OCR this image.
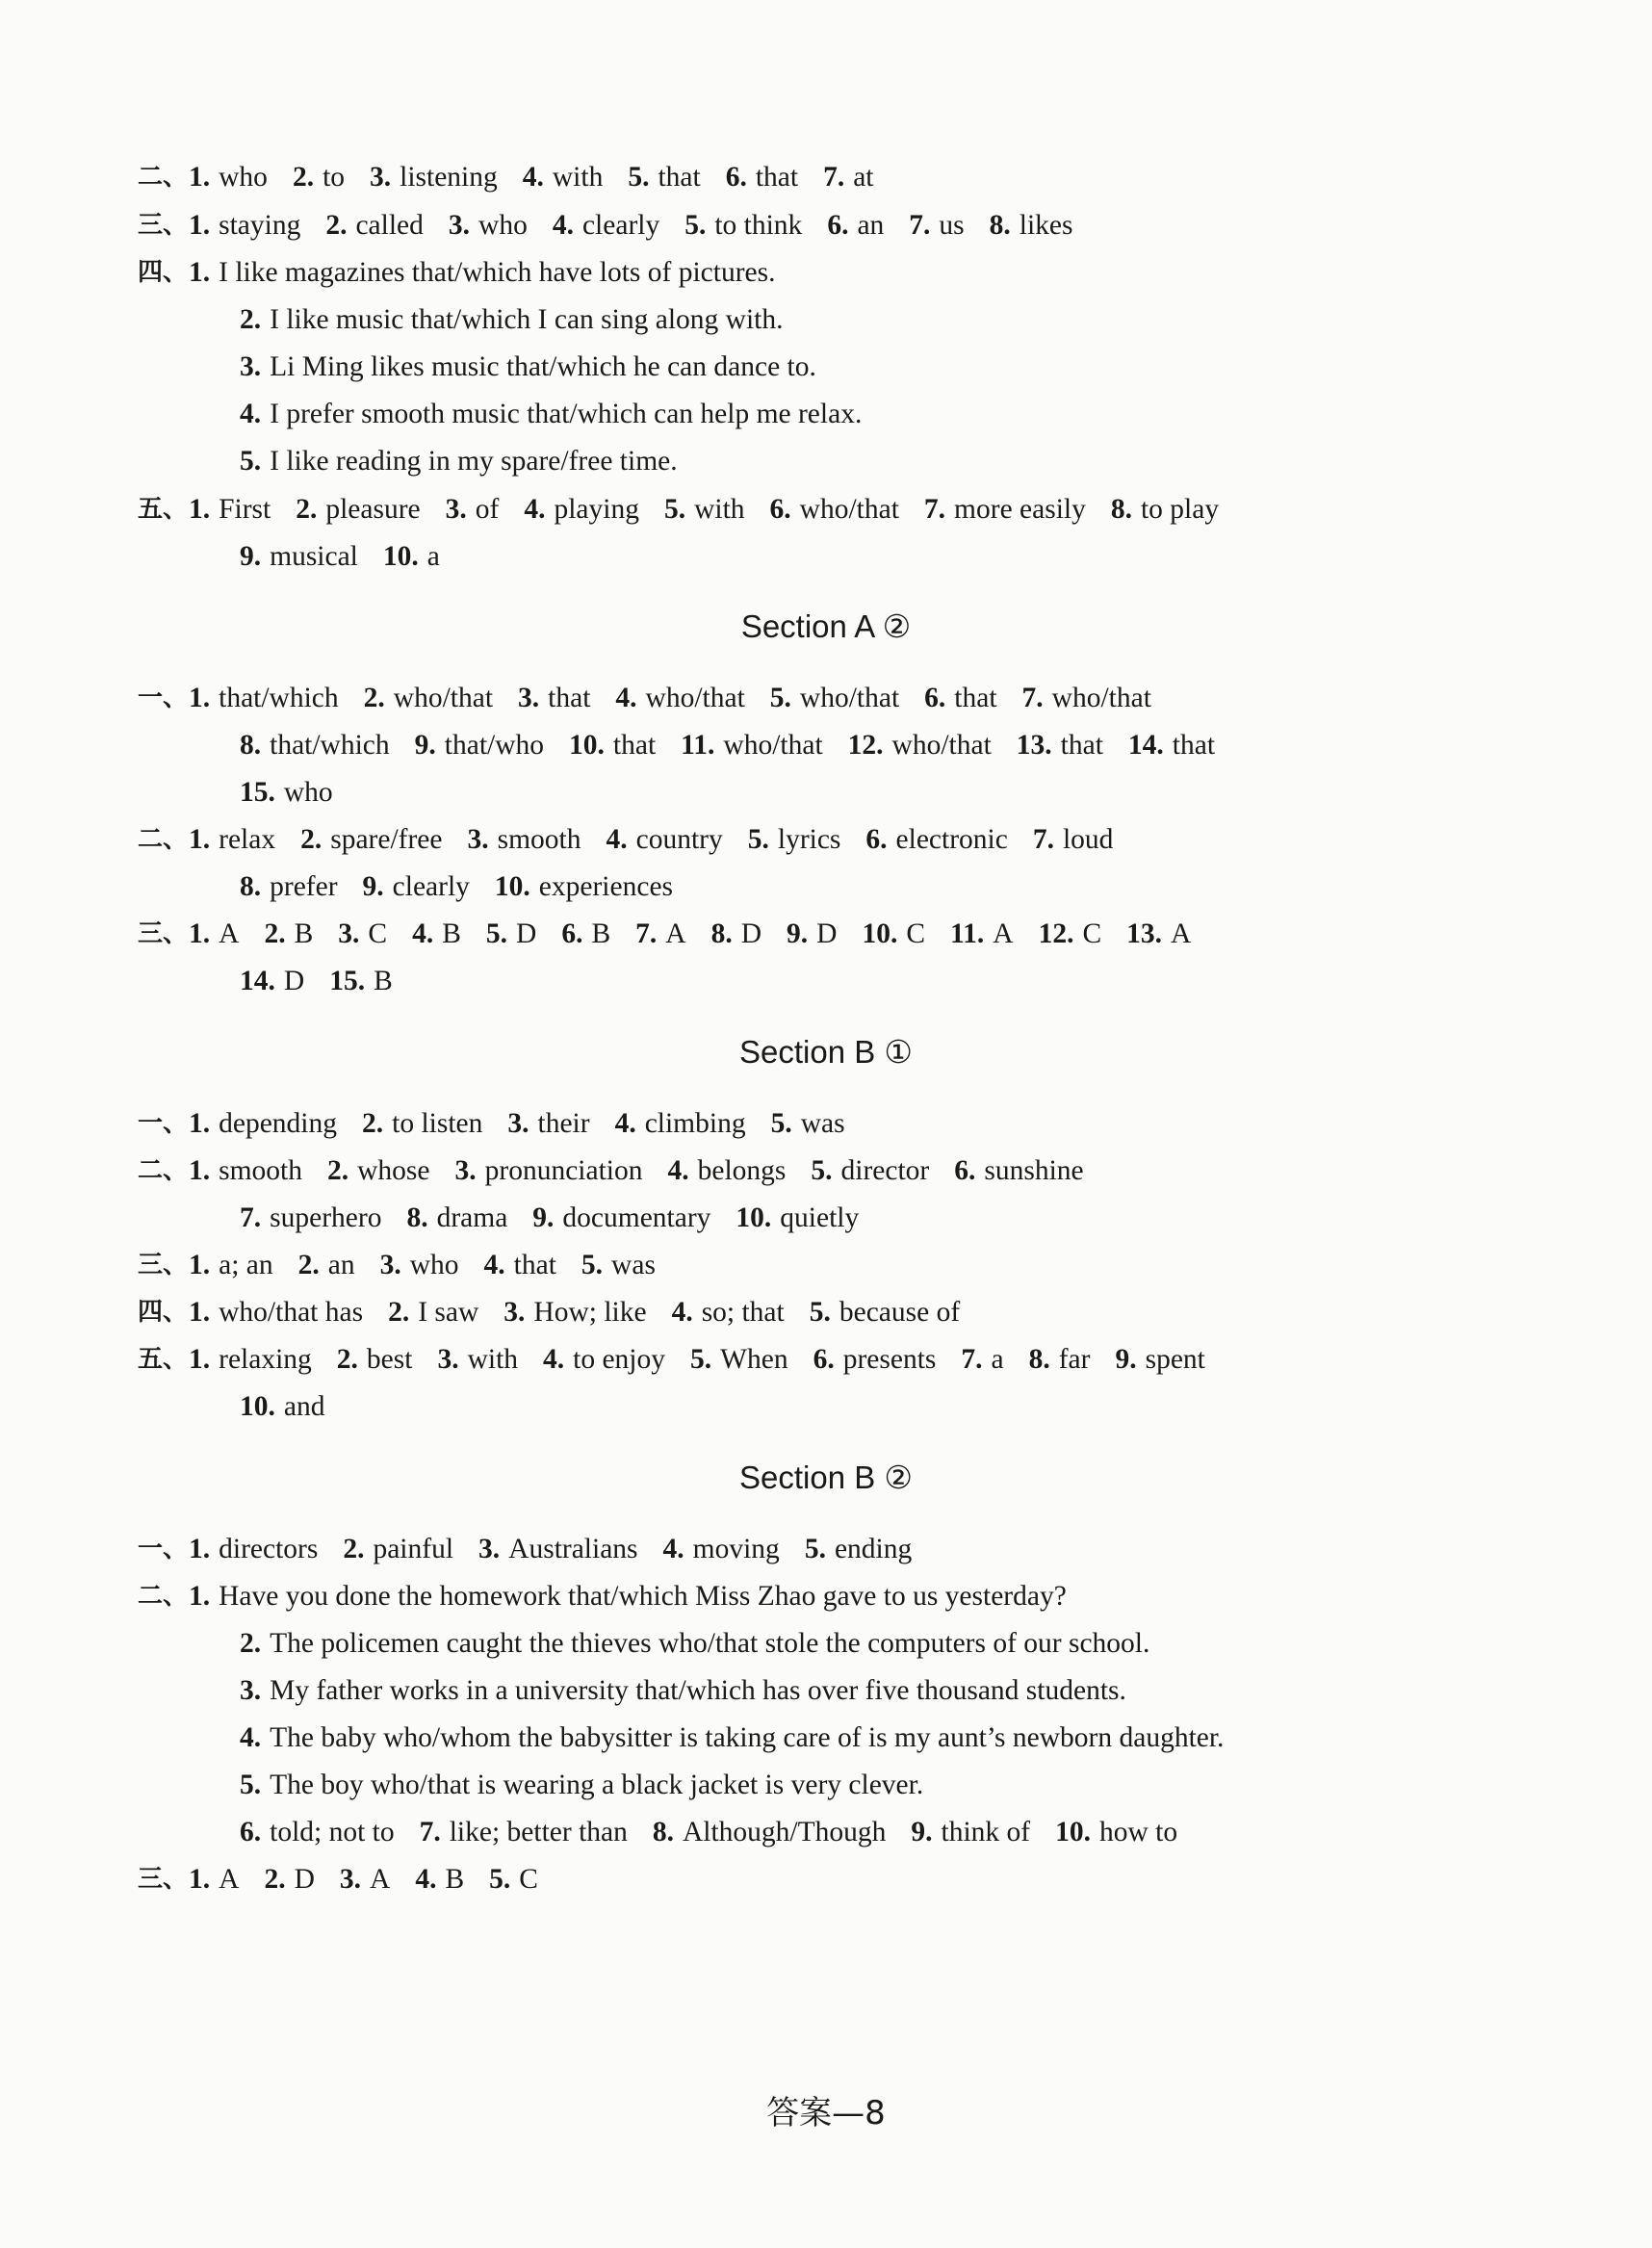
二、 1. who 2. to 3. listening 4. with 5. that 6. that 7. at
三、 1. staying 2. called 3. who 4. clearly 5. to think 6. an 7. us 8. likes
四、 1. I like magazines that/which have lots of pictures.
2. I like music that/which I can sing along with.
3. Li Ming likes music that/which he can dance to.
4. I prefer smooth music that/which can help me relax.
5. I like reading in my spare/free time.
五、 1. First 2. pleasure 3. of 4. playing 5. with 6. who/that 7. more easily 8. to play
9. musical 10. a
Section A ②
一、 1. that/which 2. who/that 3. that 4. who/that 5. who/that 6. that 7. who/that
8. that/which 9. that/who 10. that 11. who/that 12. who/that 13. that 14. that
15. who
二、 1. relax 2. spare/free 3. smooth 4. country 5. lyrics 6. electronic 7. loud
8. prefer 9. clearly 10. experiences
三、 1. A 2. B 3. C 4. B 5. D 6. B 7. A 8. D 9. D 10. C 11. A 12. C 13. A
14. D 15. B
Section B ①
一、 1. depending 2. to listen 3. their 4. climbing 5. was
二、 1. smooth 2. whose 3. pronunciation 4. belongs 5. director 6. sunshine
7. superhero 8. drama 9. documentary 10. quietly
三、 1. a; an 2. an 3. who 4. that 5. was
四、 1. who/that has 2. I saw 3. How; like 4. so; that 5. because of
五、 1. relaxing 2. best 3. with 4. to enjoy 5. When 6. presents 7. a 8. far 9. spent
10. and
Section B ②
一、 1. directors 2. painful 3. Australians 4. moving 5. ending
二、 1. Have you done the homework that/which Miss Zhao gave to us yesterday?
2. The policemen caught the thieves who/that stole the computers of our school.
3. My father works in a university that/which has over five thousand students.
4. The baby who/whom the babysitter is taking care of is my aunt’s newborn daughter.
5. The boy who/that is wearing a black jacket is very clever.
6. told; not to 7. like; better than 8. Although/Though 9. think of 10. how to
三、 1. A 2. D 3. A 4. B 5. C
答案—8
